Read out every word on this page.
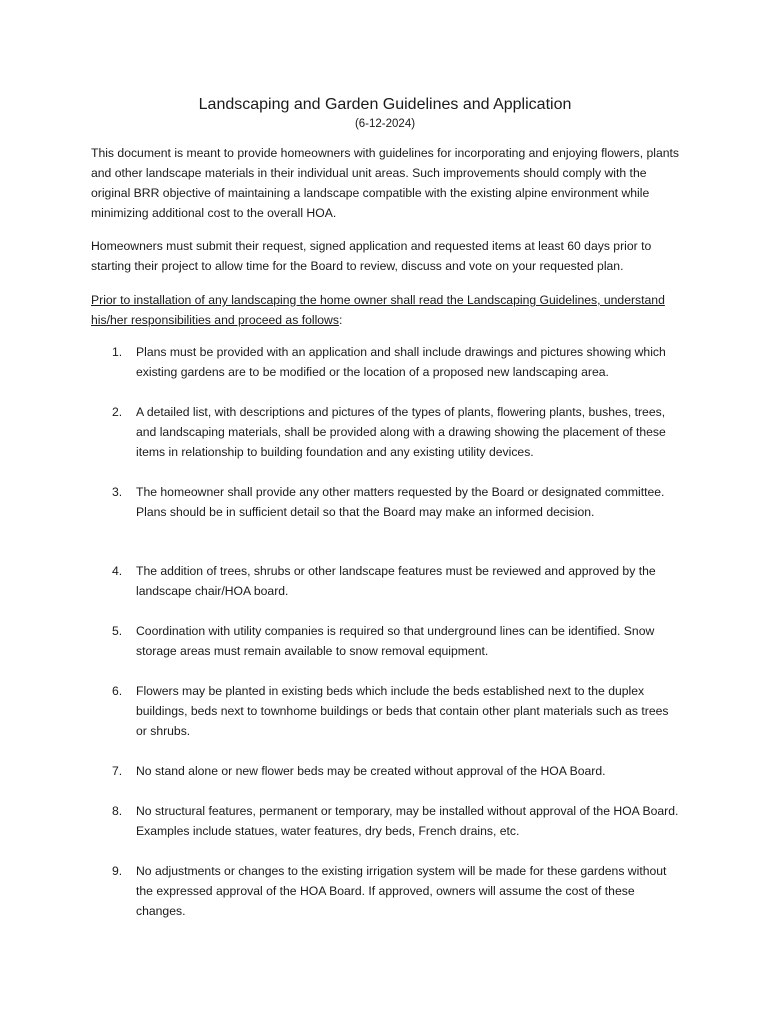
Landscaping and Garden Guidelines and Application
(6-12-2024)

This document is meant to provide homeowners with guidelines for incorporating and enjoying flowers, plants and other landscape materials in their individual unit areas. Such improvements should comply with the original BRR objective of maintaining a landscape compatible with the existing alpine environment while minimizing additional cost to the overall HOA.

Homeowners must submit their request, signed application and requested items at least 60 days prior to starting their project to allow time for the Board to review, discuss and vote on your requested plan.

Prior to installation of any landscaping the home owner shall read the Landscaping Guidelines, understand his/her responsibilities and proceed as follows:

1.	Plans must be provided with an application and shall include drawings and pictures showing which existing gardens are to be modified or the location of a proposed new landscaping area.
2.	A detailed list, with descriptions and pictures of the types of plants, flowering plants, bushes, trees, and landscaping materials, shall be provided along with a drawing showing the placement of these items in relationship to building foundation and any existing utility devices.
3.	The homeowner shall provide any other matters requested by the Board or designated committee. Plans should be in sufficient detail so that the Board may make an informed decision.
4.	The addition of trees, shrubs or other landscape features must be reviewed and approved by the landscape chair/HOA board.
5.	Coordination with utility companies is required so that underground lines can be identified. Snow storage areas must remain available to snow removal equipment.
6.	Flowers may be planted in existing beds which include the beds established next to the duplex buildings, beds next to townhome buildings or beds that contain other plant materials such as trees or shrubs.
7.	No stand alone or new flower beds may be created without approval of the HOA Board.
8.	No structural features, permanent or temporary, may be installed without approval of the HOA Board. Examples include statues, water features, dry beds, French drains, etc.
9.	No adjustments or changes to the existing irrigation system will be made for these gardens without the expressed approval of the HOA Board. If approved, owners will assume the cost of these changes.
